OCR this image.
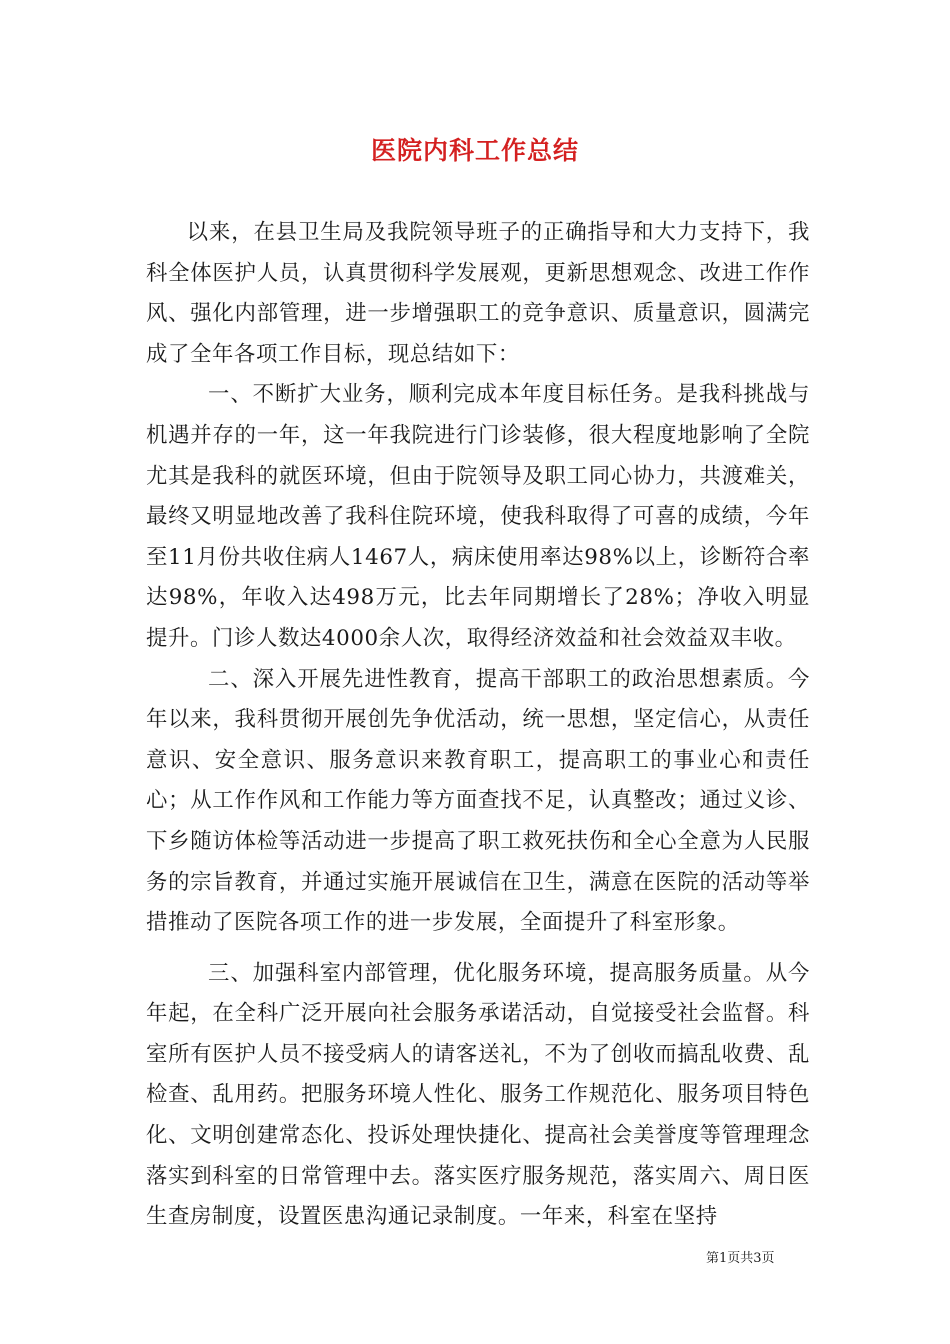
医院内科工作总结

以来，在县卫生局及我院领导班子的正确指导和大力支持下，我科全体医护人员，认真贯彻科学发展观，更新思想观念、改进工作作风、强化内部管理，进一步增强职工的竞争意识、质量意识，圆满完成了全年各项工作目标，现总结如下：

一、不断扩大业务，顺利完成本年度目标任务。是我科挑战与机遇并存的一年，这一年我院进行门诊装修，很大程度地影响了全院尤其是我科的就医环境，但由于院领导及职工同心协力，共渡难关，最终又明显地改善了我科住院环境，使我科取得了可喜的成绩，今年至11月份共收住病人1467人，病床使用率达98%以上，诊断符合率达98%，年收入达498万元，比去年同期增长了28%；净收入明显提升。门诊人数达4000余人次，取得经济效益和社会效益双丰收。

二、深入开展先进性教育，提高干部职工的政治思想素质。今年以来，我科贯彻开展创先争优活动，统一思想，坚定信心，从责任意识、安全意识、服务意识来教育职工，提高职工的事业心和责任心；从工作作风和工作能力等方面查找不足，认真整改；通过义诊、下乡随访体检等活动进一步提高了职工救死扶伤和全心全意为人民服务的宗旨教育，并通过实施开展诚信在卫生，满意在医院的活动等举措推动了医院各项工作的进一步发展，全面提升了科室形象。

三、加强科室内部管理，优化服务环境，提高服务质量。从今年起，在全科广泛开展向社会服务承诺活动，自觉接受社会监督。科室所有医护人员不接受病人的请客送礼，不为了创收而搞乱收费、乱检查、乱用药。把服务环境人性化、服务工作规范化、服务项目特色化、文明创建常态化、投诉处理快捷化、提高社会美誉度等管理理念落实到科室的日常管理中去。落实医疗服务规范，落实周六、周日医生查房制度，设置医患沟通记录制度。一年来，科室在坚持

第1页共3页
